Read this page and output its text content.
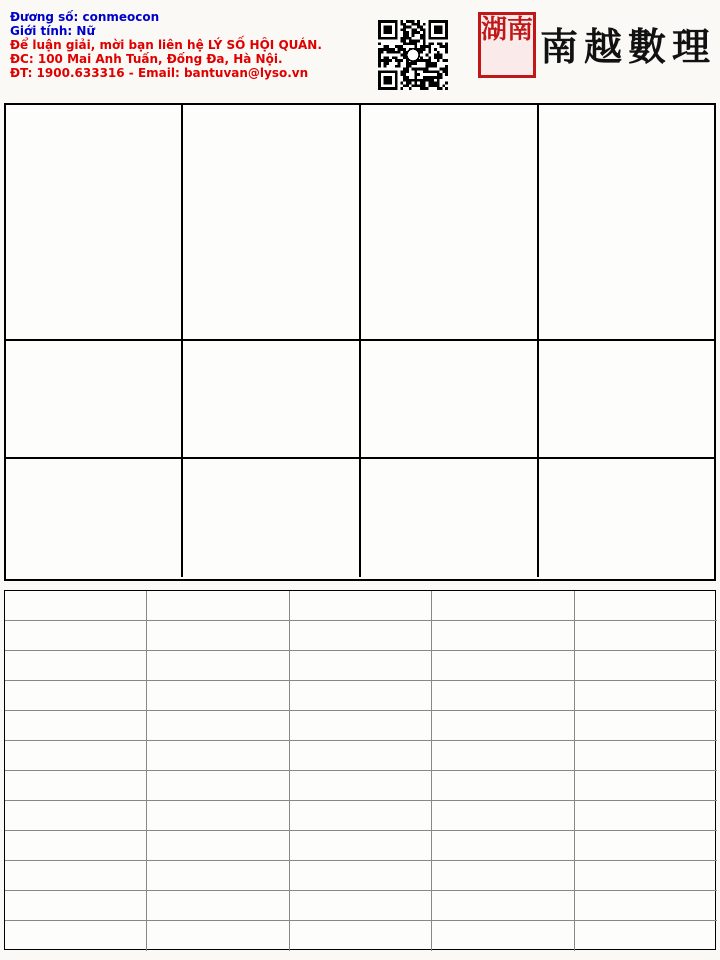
Đương số: conmeocon
Giới tính: Nữ
Để luận giải, mời bạn liên hệ LÝ SỐ HỘI QUÁN.
ĐC: 100 Mai Anh Tuấn, Đống Đa, Hà Nội.
ĐT: 1900.633316 - Email: bantuvan@lyso.vn
湖南 南越數理
